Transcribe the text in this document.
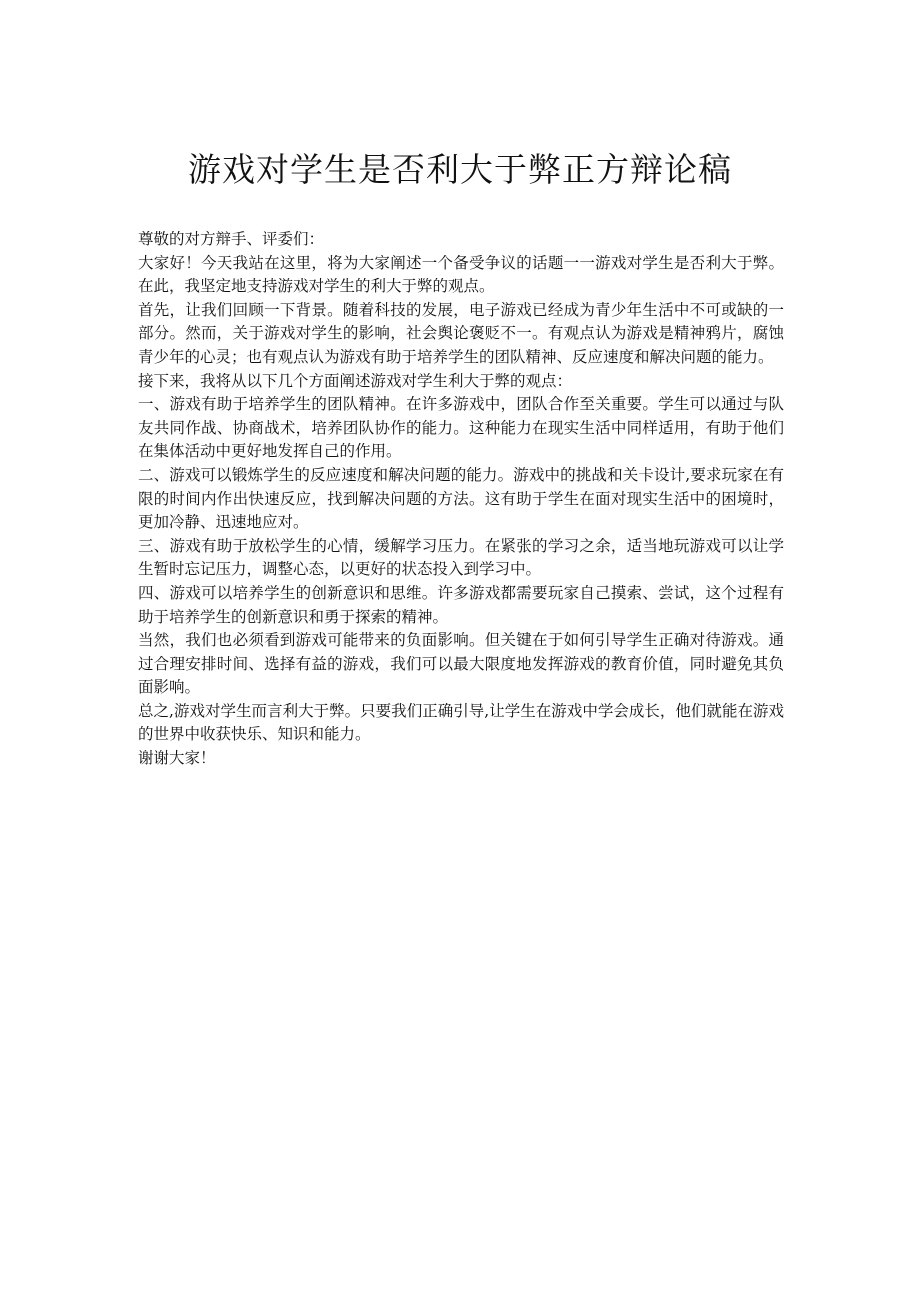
游戏对学生是否利大于弊正方辩论稿

尊敬的对方辩手、评委们：

大家好！今天我站在这里，将为大家阐述一个备受争议的话题一一游戏对学生是否利大于弊。在此，我坚定地支持游戏对学生的利大于弊的观点。

首先，让我们回顾一下背景。随着科技的发展，电子游戏已经成为青少年生活中不可或缺的一部分。然而，关于游戏对学生的影响，社会舆论褒贬不一。有观点认为游戏是精神鸦片，腐蚀青少年的心灵；也有观点认为游戏有助于培养学生的团队精神、反应速度和解决问题的能力。

接下来，我将从以下几个方面阐述游戏对学生利大于弊的观点：

一、游戏有助于培养学生的团队精神。在许多游戏中，团队合作至关重要。学生可以通过与队友共同作战、协商战术，培养团队协作的能力。这种能力在现实生活中同样适用，有助于他们在集体活动中更好地发挥自己的作用。

二、游戏可以锻炼学生的反应速度和解决问题的能力。游戏中的挑战和关卡设计,要求玩家在有限的时间内作出快速反应，找到解决问题的方法。这有助于学生在面对现实生活中的困境时，更加冷静、迅速地应对。

三、游戏有助于放松学生的心情，缓解学习压力。在紧张的学习之余，适当地玩游戏可以让学生暂时忘记压力，调整心态，以更好的状态投入到学习中。

四、游戏可以培养学生的创新意识和思维。许多游戏都需要玩家自己摸索、尝试，这个过程有助于培养学生的创新意识和勇于探索的精神。

当然，我们也必须看到游戏可能带来的负面影响。但关键在于如何引导学生正确对待游戏。通过合理安排时间、选择有益的游戏，我们可以最大限度地发挥游戏的教育价值，同时避免其负面影响。

总之,游戏对学生而言利大于弊。只要我们正确引导,让学生在游戏中学会成长，他们就能在游戏的世界中收获快乐、知识和能力。

谢谢大家！
